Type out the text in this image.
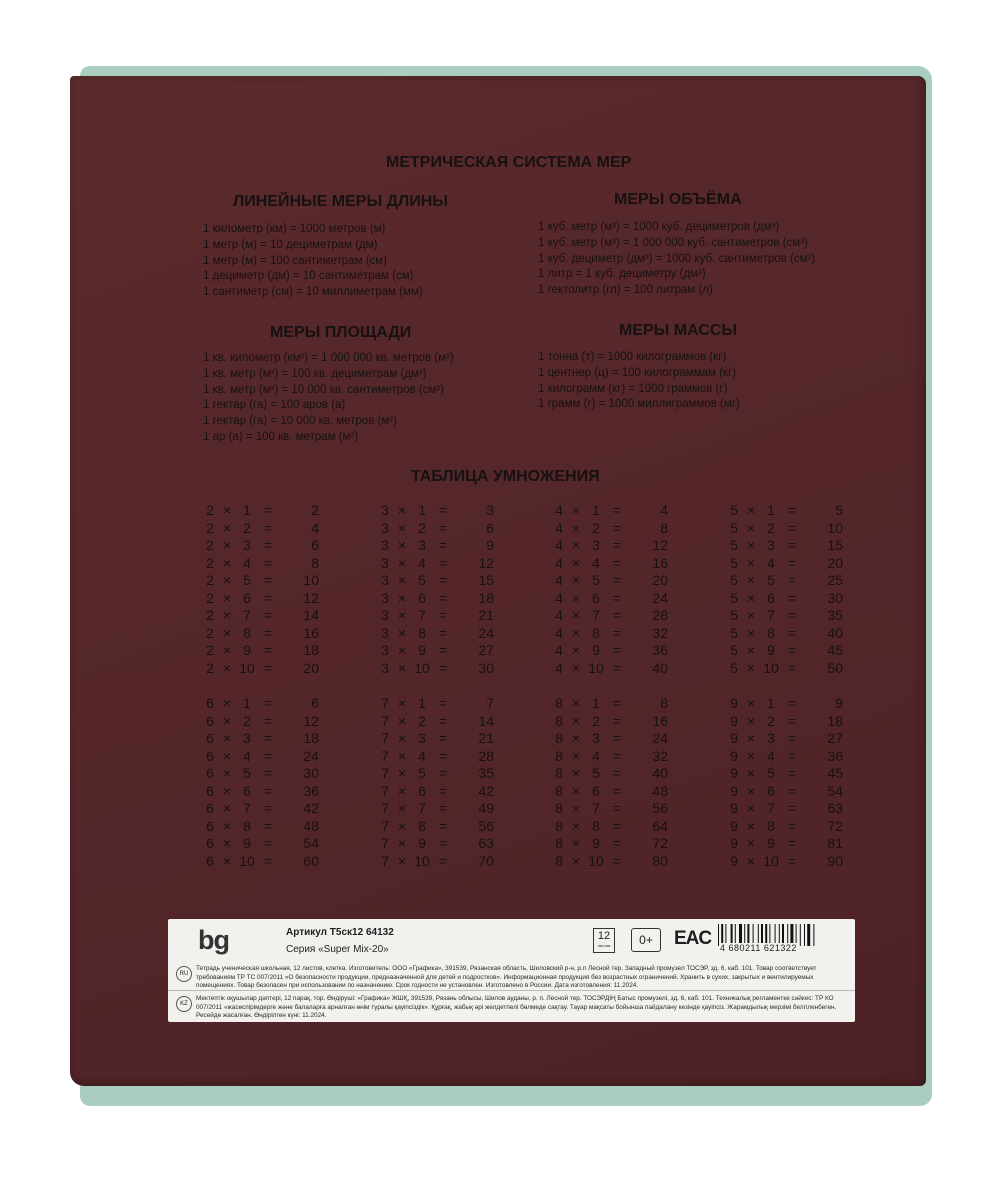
МЕТРИЧЕСКАЯ СИСТЕМА МЕР
ЛИНЕЙНЫЕ МЕРЫ ДЛИНЫ
1 километр (км) = 1000 метров (м)
1 метр (м) = 10 дециметрам (дм)
1 метр (м) = 100 сантиметрам (см)
1 дециметр (дм) = 10 сантиметрам (см)
1 сантиметр (см) = 10 миллиметрам (мм)
МЕРЫ ОБЪЁМА
1 куб. метр (м³) = 1000 куб. дециметров (дм³)
1 куб. метр (м³) = 1 000 000 куб. сантиметров (см³)
1 куб. дециметр (дм³) = 1000 куб. сантиметров (см³)
1 литр = 1 куб. дециметру (дм³)
1 гектолитр (гл) = 100 литрам (л)
МЕРЫ ПЛОЩАДИ
1 кв. километр (км²) = 1 000 000 кв. метров (м²)
1 кв. метр (м²) = 100 кв. дециметрам (дм²)
1 кв. метр (м²) = 10 000 кв. сантиметров (см²)
1 гектар (га) = 100 аров (а)
1 гектар (га) = 10 000 кв. метров (м²)
1 ар (а) = 100 кв. метрам (м²)
МЕРЫ МАССЫ
1 тонна (т) = 1000 килограммов (кг)
1 центнер (ц) = 100 килограммам (кг)
1 килограмм (кг) = 1000 граммов (г)
1 грамм (г) = 1000 миллиграммов (мг)
ТАБЛИЦА УМНОЖЕНИЯ
2 × 1 =	2
2 × 2 =	4
2 × 3 =	6
2 × 4 =	8
2 × 5 =	10
2 × 6 =	12
2 × 7 =	14
2 × 8 =	16
2 × 9 =	18
2 × 10 =	20
3 × 1 =	3
3 × 2 =	6
3 × 3 =	9
3 × 4 =	12
3 × 5 =	15
3 × 6 =	18
3 × 7 =	21
3 × 8 =	24
3 × 9 =	27
3 × 10 =	30
4 × 1 =	4
4 × 2 =	8
4 × 3 =	12
4 × 4 =	16
4 × 5 =	20
4 × 6 =	24
4 × 7 =	28
4 × 8 =	32
4 × 9 =	36
4 × 10 =	40
5 × 1 =	5
5 × 2 =	10
5 × 3 =	15
5 × 4 =	20
5 × 5 =	25
5 × 6 =	30
5 × 7 =	35
5 × 8 =	40
5 × 9 =	45
5 × 10 =	50
6 × 1 =	6
6 × 2 =	12
6 × 3 =	18
6 × 4 =	24
6 × 5 =	30
6 × 6 =	36
6 × 7 =	42
6 × 8 =	48
6 × 9 =	54
6 × 10 =	60
7 × 1 =	7
7 × 2 =	14
7 × 3 =	21
7 × 4 =	28
7 × 5 =	35
7 × 6 =	42
7 × 7 =	49
7 × 8 =	56
7 × 9 =	63
7 × 10 =	70
8 × 1 =	8
8 × 2 =	16
8 × 3 =	24
8 × 4 =	32
8 × 5 =	40
8 × 6 =	48
8 × 7 =	56
8 × 8 =	64
8 × 9 =	72
8 × 10 =	80
9 × 1 =	9
9 × 2 =	18
9 × 3 =	27
9 × 4 =	36
9 × 5 =	45
9 × 6 =	54
9 × 7 =	63
9 × 8 =	72
9 × 9 =	81
9 × 10 =	90
bg	Артикул Т5ск12 64132
Серия «Super Mix-20»
12
листов	0+	EAC 4 680211 621322
RU
Тетрадь ученическая школьная, 12 листов, клетка. Изготовитель: ООО «Графика», 391539, Рязанская область, Шиловский р-н, р.п Лесной тер. Западный промузел ТОСЭР, зд. 6, каб. 101. Товар соответствует требованиям ТР ТС 007/2011 «О безопасности продукции, предназначенной для детей и подростков». Информационная продукция без возрастных ограничений. Хранить в сухих, закрытых и вентилируемых помещениях. Товар безопасен при использовании по назначению. Срок годности не установлен. Изготовлено в России. Дата изготовления: 11.2024.
KZ
Мектептік оқушылар дәптері, 12 парақ, тор. Өндіруші: «Графика» ЖШҚ, 391539, Рязань облысы, Шилов ауданы, р. п. Лесной тер. ТОСЭРДІҢ Батыс промузелі, зд. 6, каб. 101. Техникалық регламентке сәйкес: ТР КО 007/2011 «жасөспірімдерге және балаларға арналған өнім туралы қауіпсіздік». Құрғақ, жабық әрі желдетпелі бөлмеде сақтау. Тауар мақсаты бойынша пайдалану кезінде қауіпсіз. Жарамдылық мерзімі белгіленбеген. Ресейде жасалған. Өндірілген күні: 11.2024.
